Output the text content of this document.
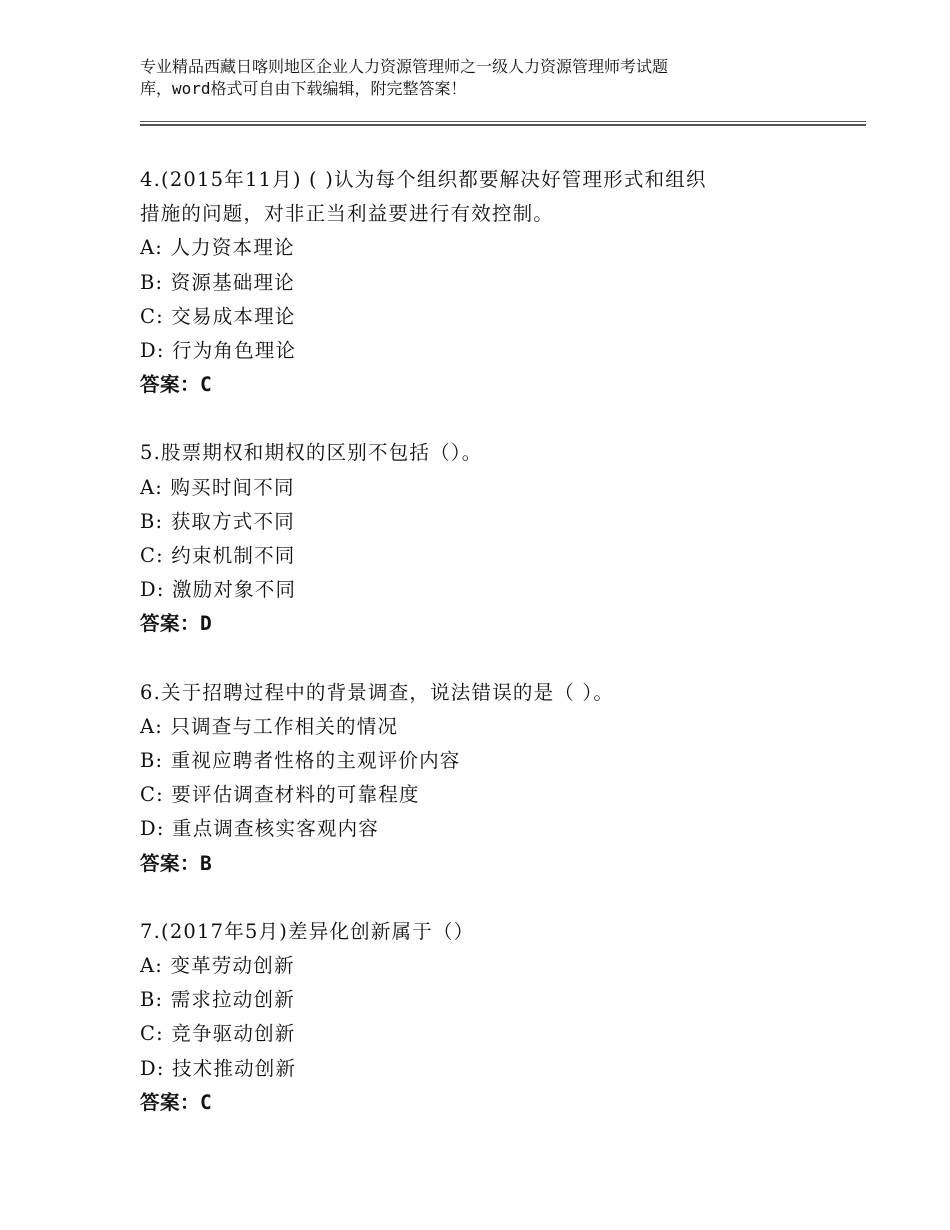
专业精品西藏日喀则地区企业人力资源管理师之一级人力资源管理师考试题
库，word格式可自由下载编辑，附完整答案！
4.(2015年11月) ( )认为每个组织都要解决好管理形式和组织
措施的问题，对非正当利益要进行有效控制。
A: 人力资本理论
B: 资源基础理论
C: 交易成本理论
D: 行为角色理论
答案：C
5.股票期权和期权的区别不包括（）。
A: 购买时间不同
B: 获取方式不同
C: 约束机制不同
D: 激励对象不同
答案：D
6.关于招聘过程中的背景调查，说法错误的是（ ）。
A: 只调查与工作相关的情况
B: 重视应聘者性格的主观评价内容
C: 要评估调查材料的可靠程度
D: 重点调查核实客观内容
答案：B
7.(2017年5月)差异化创新属于（）
A: 变革劳动创新
B: 需求拉动创新
C: 竞争驱动创新
D: 技术推动创新
答案：C
